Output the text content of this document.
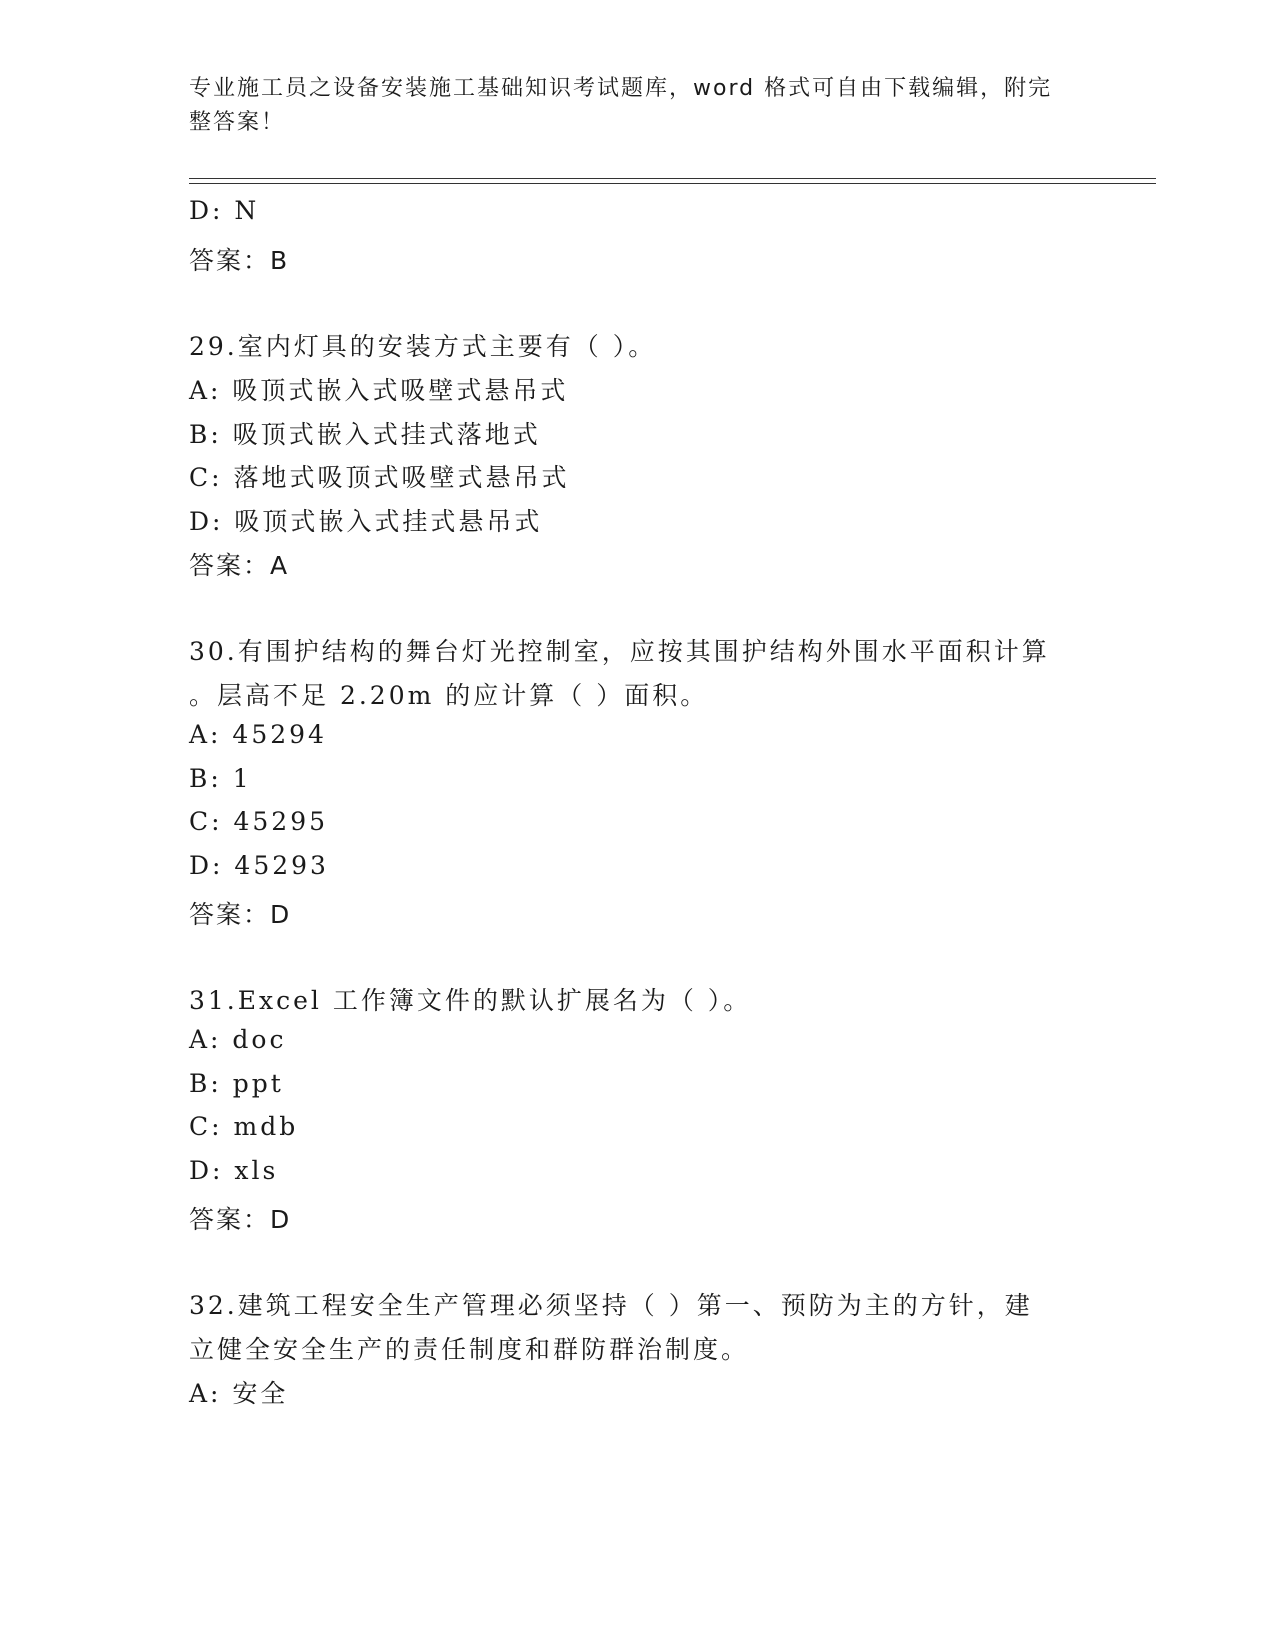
专业施工员之设备安装施工基础知识考试题库，word 格式可自由下载编辑，附完
整答案！
D: N
答案：B
29.室内灯具的安装方式主要有（ ）。
A: 吸顶式嵌入式吸壁式悬吊式
B: 吸顶式嵌入式挂式落地式
C: 落地式吸顶式吸壁式悬吊式
D: 吸顶式嵌入式挂式悬吊式
答案：A
30.有围护结构的舞台灯光控制室，应按其围护结构外围水平面积计算
。层高不足 2.20m 的应计算（ ）面积。
A: 45294
B: 1
C: 45295
D: 45293
答案：D
31.Excel 工作簿文件的默认扩展名为（ ）。
A: doc
B: ppt
C: mdb
D: xls
答案：D
32.建筑工程安全生产管理必须坚持（ ）第一、预防为主的方针，建
立健全安全生产的责任制度和群防群治制度。
A: 安全
